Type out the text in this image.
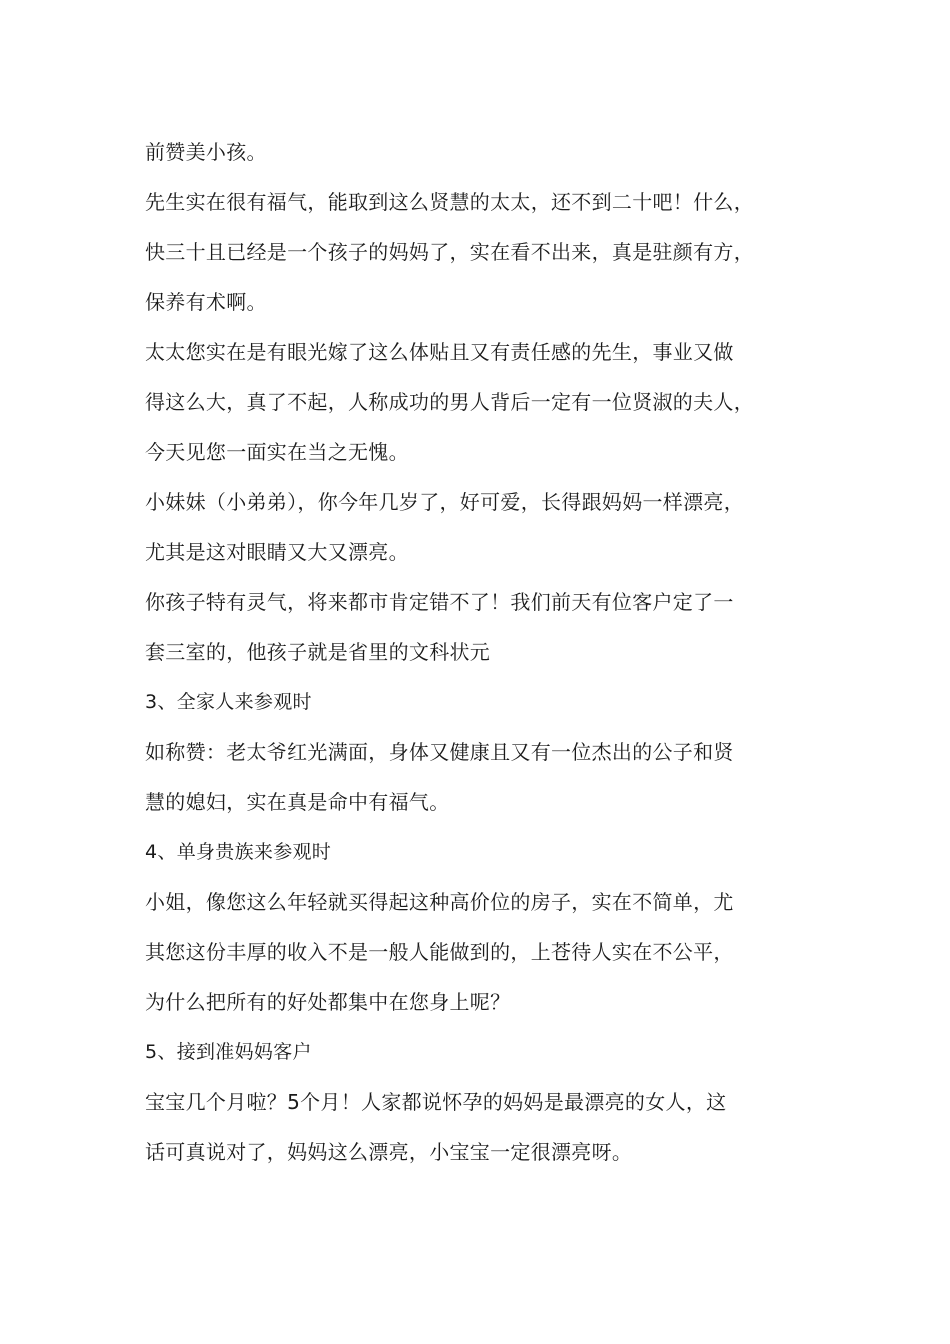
前赞美小孩。
先生实在很有福气，能取到这么贤慧的太太，还不到二十吧！什么，
快三十且已经是一个孩子的妈妈了，实在看不出来，真是驻颜有方，
保养有术啊。
太太您实在是有眼光嫁了这么体贴且又有责任感的先生，事业又做
得这么大，真了不起，人称成功的男人背后一定有一位贤淑的夫人，
今天见您一面实在当之无愧。
小妹妹（小弟弟），你今年几岁了，好可爱，长得跟妈妈一样漂亮，
尤其是这对眼睛又大又漂亮。
你孩子特有灵气，将来都市肯定错不了！我们前天有位客户定了一
套三室的，他孩子就是省里的文科状元
3、全家人来参观时
如称赞：老太爷红光满面，身体又健康且又有一位杰出的公子和贤
慧的媳妇，实在真是命中有福气。
4、单身贵族来参观时
小姐，像您这么年轻就买得起这种高价位的房子，实在不简单，尤
其您这份丰厚的收入不是一般人能做到的，上苍待人实在不公平，
为什么把所有的好处都集中在您身上呢？
5、接到准妈妈客户
宝宝几个月啦？5个月！人家都说怀孕的妈妈是最漂亮的女人，这
话可真说对了，妈妈这么漂亮，小宝宝一定很漂亮呀。
